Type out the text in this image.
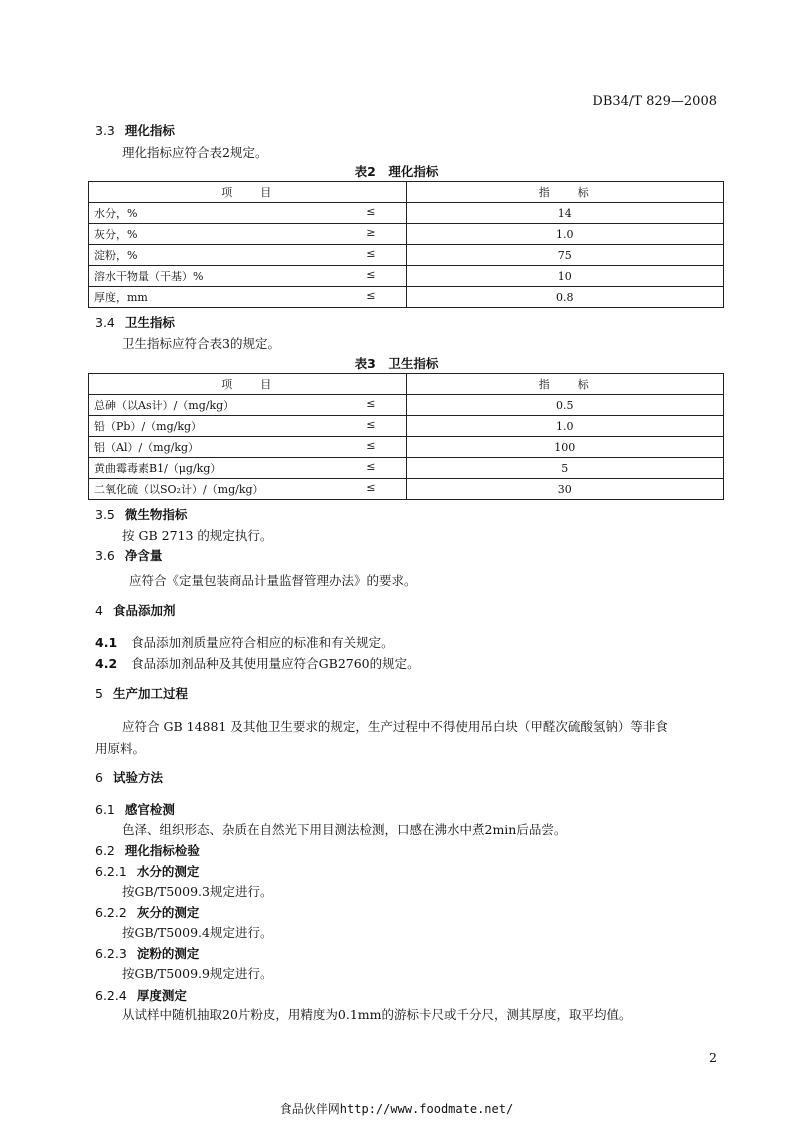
DB34/T 829—2008
3.3 理化指标
理化指标应符合表2规定。
表2　理化指标
项　　目	指　　标
水分，% ≤	14
灰分，% ≥	1.0
淀粉，% ≤	75
溶水干物量（干基）% ≤	10
厚度，mm ≤	0.8
3.4 卫生指标
卫生指标应符合表3的规定。
表3　卫生指标
项　　目	指　　标
总砷（以As计）/（mg/kg） ≤	0.5
铅（Pb）/（mg/kg） ≤	1.0
铝（Al）/（mg/kg） ≤	100
黄曲霉毒素B1/（μg/kg） ≤	5
二氧化硫（以SO₂计）/（mg/kg） ≤	30
3.5 微生物指标
按 GB 2713 的规定执行。
3.6 净含量
应符合《定量包装商品计量监督管理办法》的要求。
4 食品添加剂
4.1 食品添加剂质量应符合相应的标准和有关规定。
4.2 食品添加剂品种及其使用量应符合GB2760的规定。
5 生产加工过程
应符合 GB 14881 及其他卫生要求的规定，生产过程中不得使用吊白块（甲醛次硫酸氢钠）等非食
用原料。
6 试验方法
6.1 感官检测
色泽、组织形态、杂质在自然光下用目测法检测，口感在沸水中煮2min后品尝。
6.2 理化指标检验
6.2.1 水分的测定
按GB/T5009.3规定进行。
6.2.2 灰分的测定
按GB/T5009.4规定进行。
6.2.3 淀粉的测定
按GB/T5009.9规定进行。
6.2.4 厚度测定
从试样中随机抽取20片粉皮，用精度为0.1mm的游标卡尺或千分尺，测其厚度，取平均值。
2
食品伙伴网http://www.foodmate.net/
